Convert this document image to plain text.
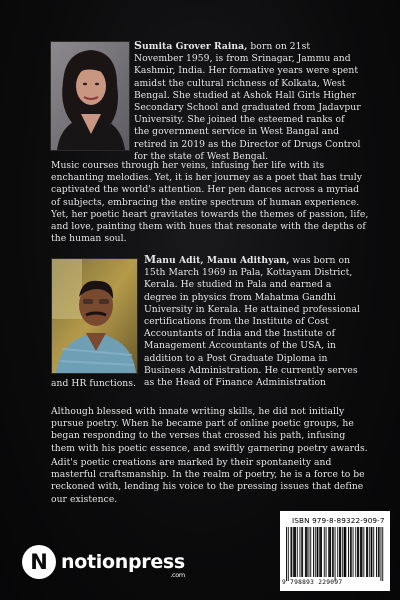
Sumita Grover Raina, born on 21st November 1959, is from Srinagar, Jammu and Kashmir, India. Her formative years were spent amidst the cultural richness of Kolkata, West Bengal. She studied at Ashok Hall Girls Higher Secondary School and graduated from Jadavpur University. She joined the esteemed ranks of the government service in West Bangal and retired in 2019 as the Director of Drugs Control for the state of West Bengal.

Music courses through her veins, infusing her life with its enchanting melodies. Yet, it is her journey as a poet that has truly captivated the world's attention. Her pen dances across a myriad of subjects, embracing the entire spectrum of human experience. Yet, her poetic heart gravitates towards the themes of passion, life, and love, painting them with hues that resonate with the depths of the human soul.

Manu Adit, Manu Adithyan, was born on 15th March 1969 in Pala, Kottayam District, Kerala. He studied in Pala and earned a degree in physics from Mahatma Gandhi University in Kerala. He attained professional certifications from the Institute of Cost Accountants of India and the Institute of Management Accountants of the USA, in addition to a Post Graduate Diploma in Business Administration. He currently serves as the Head of Finance Administration
and HR functions.

Although blessed with innate writing skills, he did not initially pursue poetry. When he became part of online poetic groups, he began responding to the verses that crossed his path, infusing them with his poetic essence, and swiftly garnering poetry awards.

Adit's poetic creations are marked by their spontaneity and masterful craftsmanship. In the realm of poetry, he is a force to be reckoned with, lending his voice to the pressing issues that define our existence.

N notionpress
.com
ISBN 979-8-89322-909-7
9 798893 229097
